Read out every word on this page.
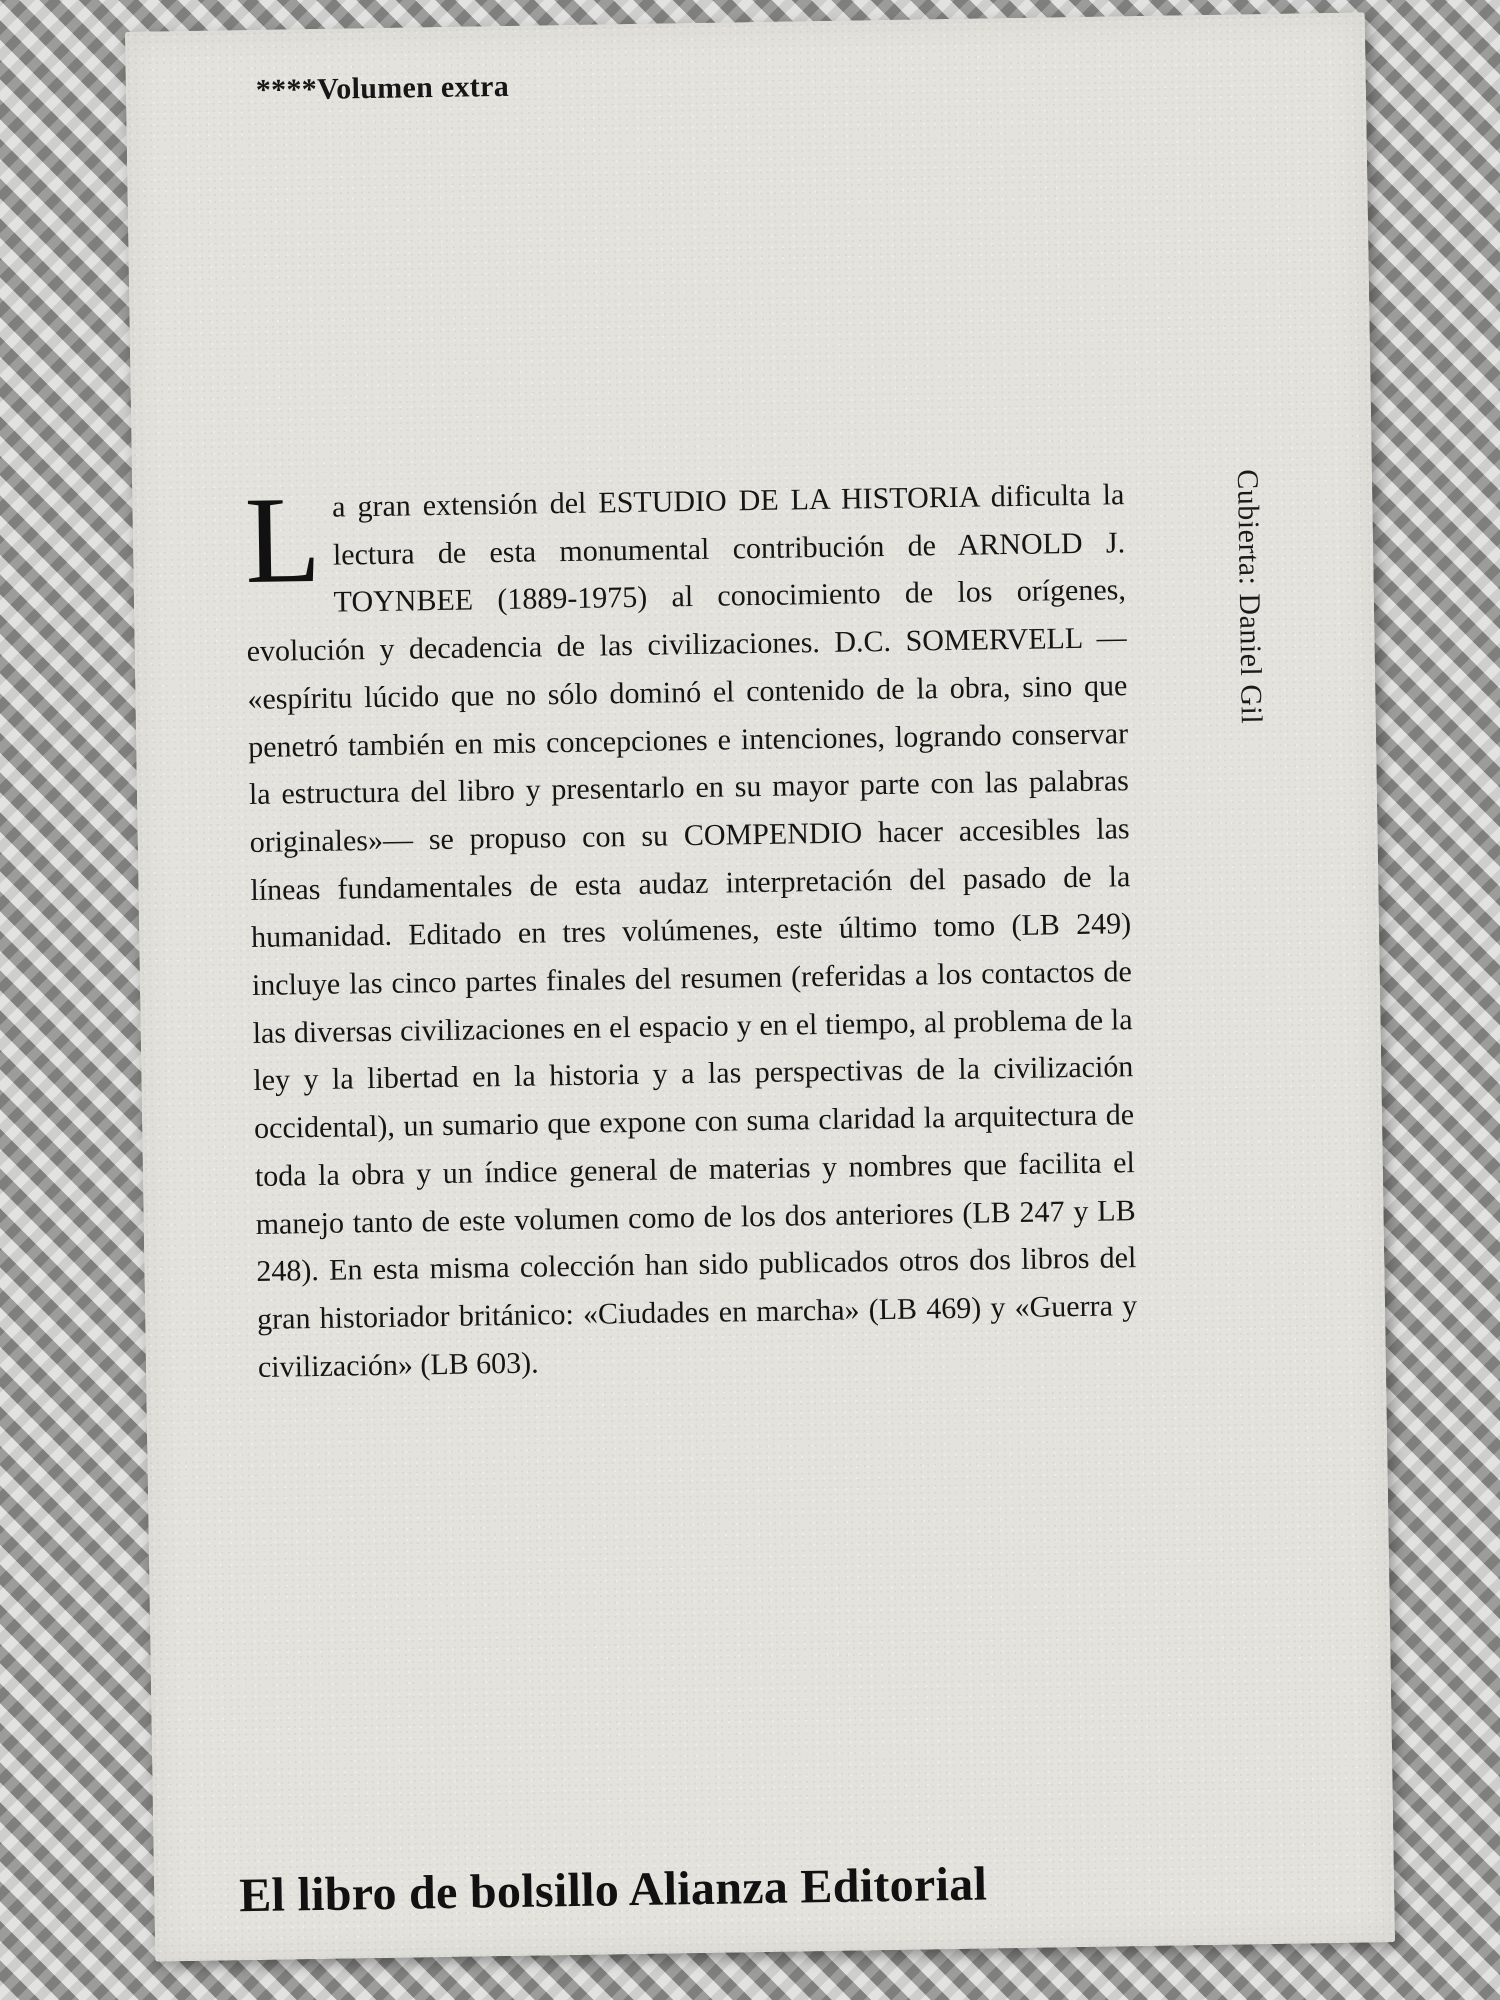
****Volumen extra

La gran extensión del ESTUDIO DE LA HISTORIA dificulta la lectura de esta monumental contribución de ARNOLD J. TOYNBEE (1889-1975) al conocimiento de los orígenes, evolución y decadencia de las civilizaciones. D.C. SOMERVELL — «espíritu lúcido que no sólo dominó el contenido de la obra, sino que penetró también en mis concepciones e intenciones, logrando conservar la estructura del libro y presentarlo en su mayor parte con las palabras originales»— se propuso con su COMPENDIO hacer accesibles las líneas fundamentales de esta audaz interpretación del pasado de la humanidad. Editado en tres volúmenes, este último tomo (LB 249) incluye las cinco partes finales del resumen (referidas a los contactos de las diversas civilizaciones en el espacio y en el tiempo, al problema de la ley y la libertad en la historia y a las perspectivas de la civilización occidental), un sumario que expone con suma claridad la arquitectura de toda la obra y un índice general de materias y nombres que facilita el manejo tanto de este volumen como de los dos anteriores (LB 247 y LB 248). En esta misma colección han sido publicados otros dos libros del gran historiador británico: «Ciudades en marcha» (LB 469) y «Guerra y civilización» (LB 603).

Cubierta: Daniel Gil
El libro de bolsillo Alianza Editorial
